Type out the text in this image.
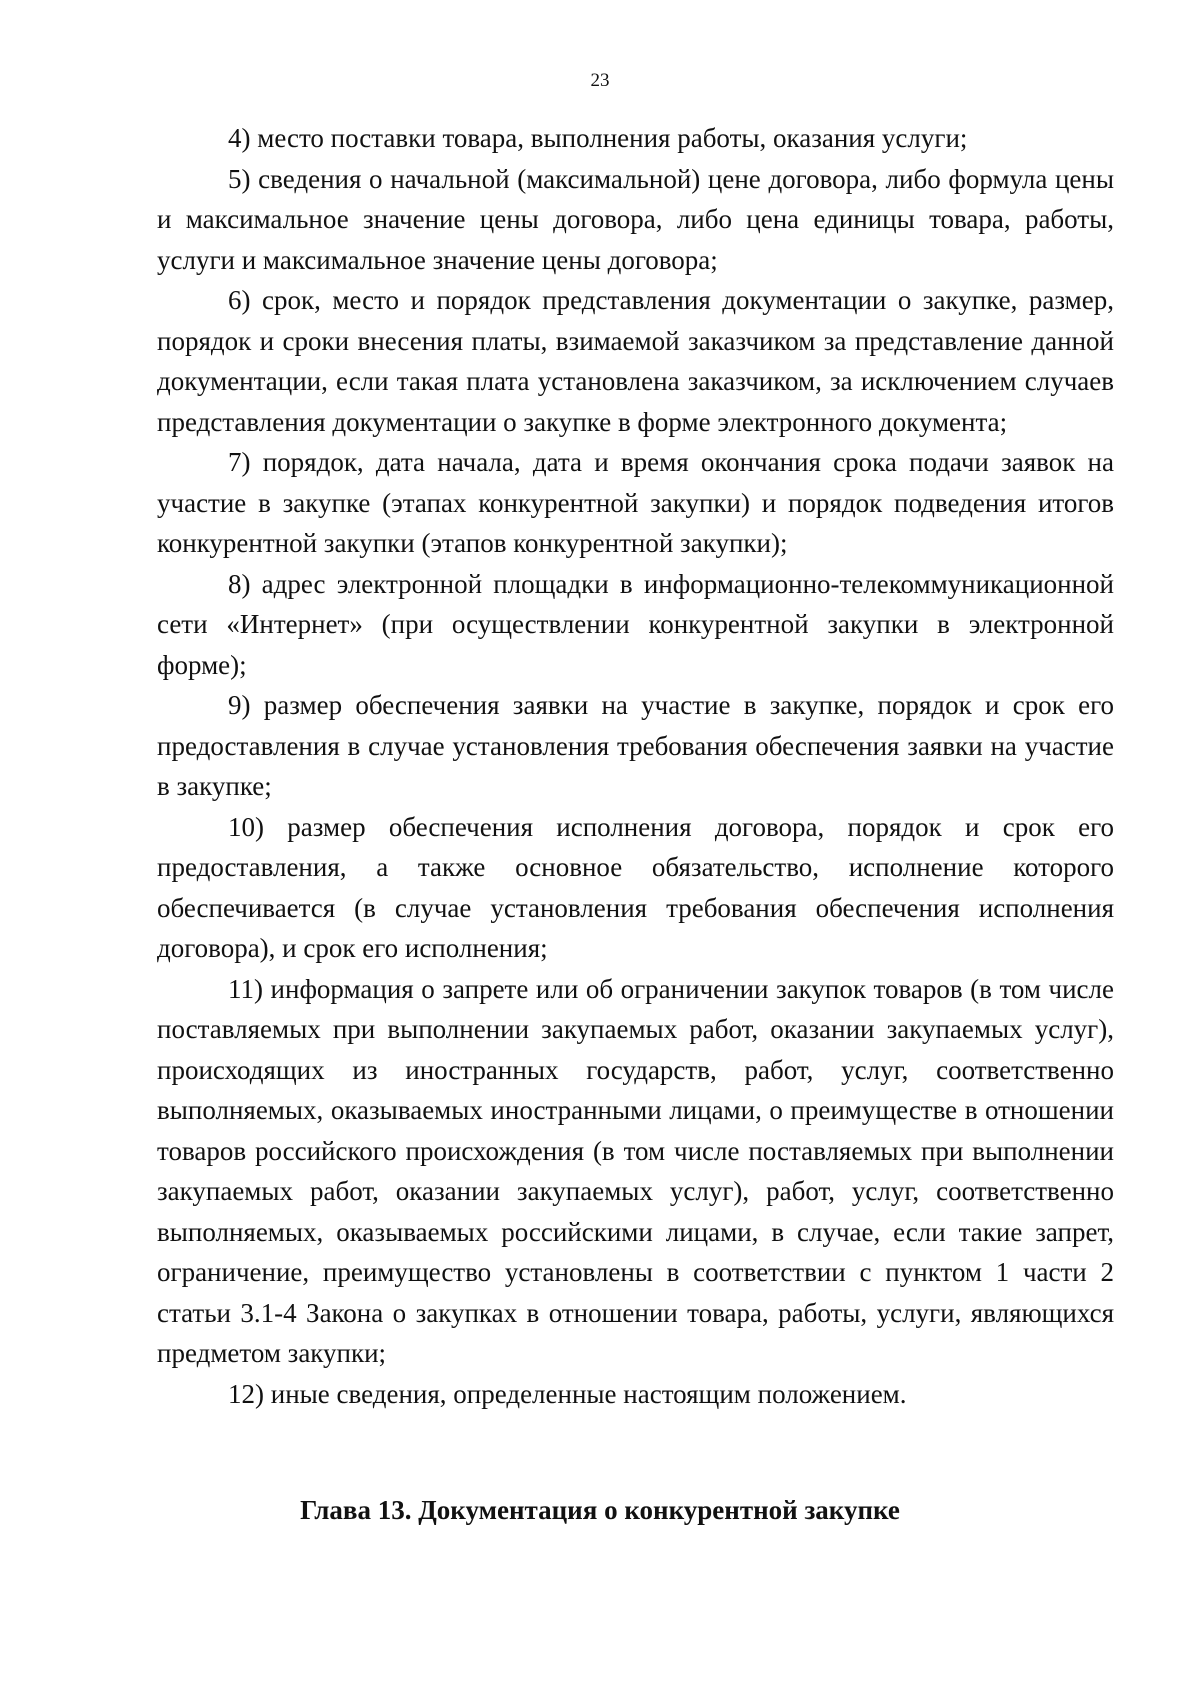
23

4) место поставки товара, выполнения работы, оказания услуги;

5) сведения о начальной (максимальной) цене договора, либо формула цены и максимальное значение цены договора, либо цена единицы товара, работы, услуги и максимальное значение цены договора;

6) срок, место и порядок представления документации о закупке, размер, порядок и сроки внесения платы, взимаемой заказчиком за представление данной документации, если такая плата установлена заказчиком, за исключением случаев представления документации о закупке в форме электронного документа;

7) порядок, дата начала, дата и время окончания срока подачи заявок на участие в закупке (этапах конкурентной закупки) и порядок подведения итогов конкурентной закупки (этапов конкурентной закупки);

8) адрес электронной площадки в информационно-телекоммуникационной сети «Интернет» (при осуществлении конкурентной закупки в электронной форме);

9) размер обеспечения заявки на участие в закупке, порядок и срок его предоставления в случае установления требования обеспечения заявки на участие в закупке;

10) размер обеспечения исполнения договора, порядок и срок его предоставления, а также основное обязательство, исполнение которого обеспечивается (в случае установления требования обеспечения исполнения договора), и срок его исполнения;

11) информация о запрете или об ограничении закупок товаров (в том числе поставляемых при выполнении закупаемых работ, оказании закупаемых услуг), происходящих из иностранных государств, работ, услуг, соответственно выполняемых, оказываемых иностранными лицами, о преимуществе в отношении товаров российского происхождения (в том числе поставляемых при выполнении закупаемых работ, оказании закупаемых услуг), работ, услуг, соответственно выполняемых, оказываемых российскими лицами, в случае, если такие запрет, ограничение, преимущество установлены в соответствии с пунктом 1 части 2 статьи 3.1-4 Закона о закупках в отношении товара, работы, услуги, являющихся предметом закупки;

12) иные сведения, определенные настоящим положением.

Глава 13. Документация о конкурентной закупке
